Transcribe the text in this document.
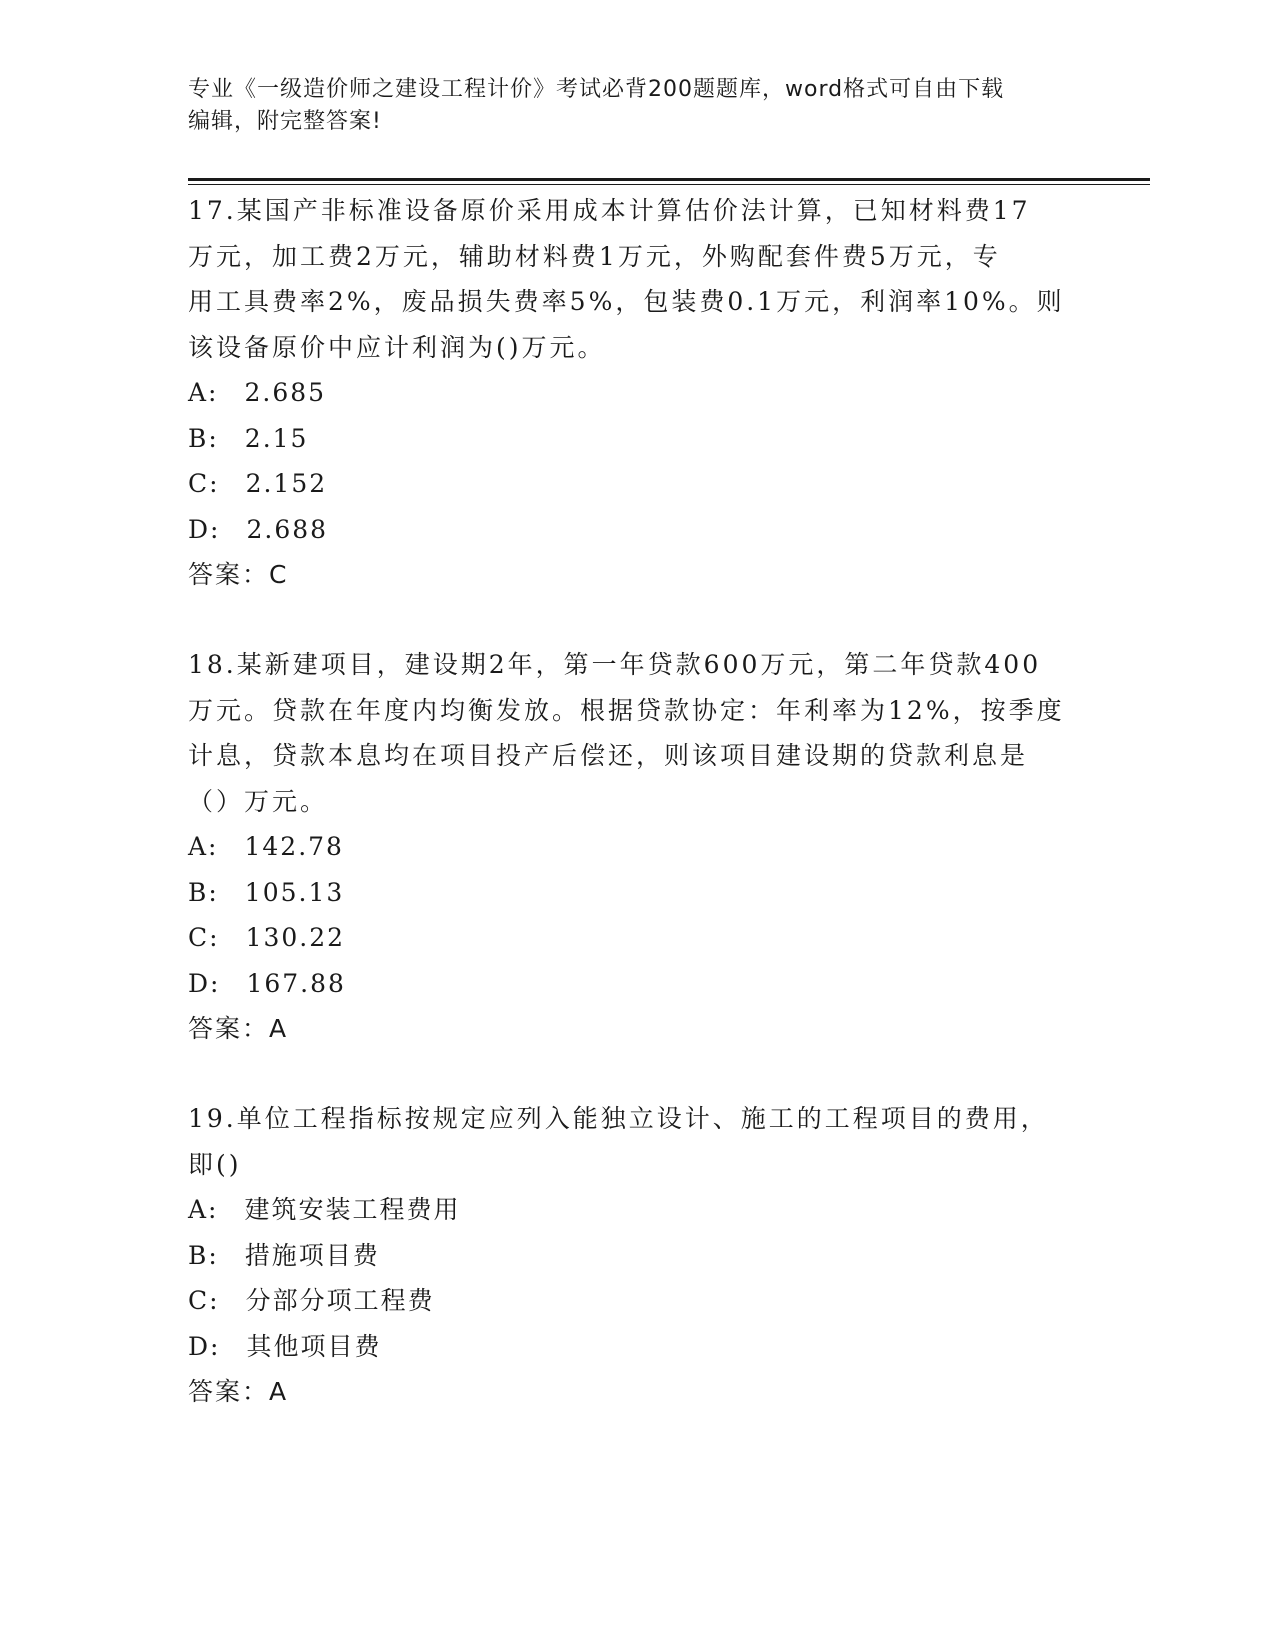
专业《一级造价师之建设工程计价》考试必背200题题库，word格式可自由下载
编辑，附完整答案!

17.某国产非标准设备原价采用成本计算估价法计算，已知材料费17

万元，加工费2万元，辅助材料费1万元，外购配套件费5万元，专

用工具费率2%，废品损失费率5%，包装费0.1万元，利润率10%。则

该设备原价中应计利润为()万元。

A: 2.685

B: 2.15

C: 2.152

D: 2.688

答案：C

18.某新建项目，建设期2年，第一年贷款600万元，第二年贷款400

万元。贷款在年度内均衡发放。根据贷款协定：年利率为12%，按季度

计息，贷款本息均在项目投产后偿还，则该项目建设期的贷款利息是

（）万元。

A: 142.78

B: 105.13

C: 130.22

D: 167.88

答案：A

19.单位工程指标按规定应列入能独立设计、施工的工程项目的费用，

即()

A: 建筑安装工程费用

B: 措施项目费

C: 分部分项工程费

D: 其他项目费

答案：A
